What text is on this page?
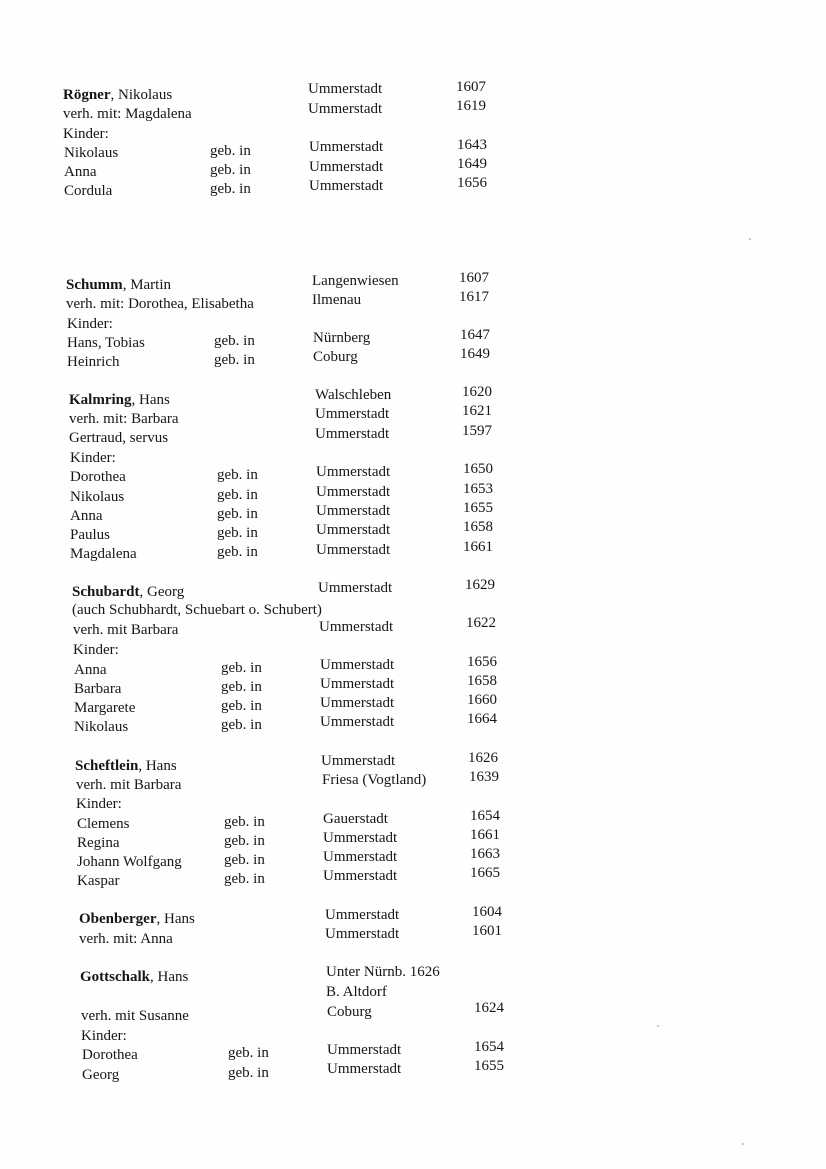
Rögner, Nikolaus	Ummerstadt	1607
verh. mit: Magdalena	Ummerstadt	1619
Kinder:
Nikolaus	geb. in	Ummerstadt	1643
Anna	geb. in	Ummerstadt	1649
Cordula	geb. in	Ummerstadt	1656
Schumm, Martin	Langenwiesen	1607
verh. mit: Dorothea, Elisabetha	Ilmenau	1617
Kinder:
Hans, Tobias	geb. in	Nürnberg	1647
Heinrich	geb. in	Coburg	1649
Kalmring, Hans	Walschleben	1620
verh. mit: Barbara	Ummerstadt	1621
Gertraud, servus	Ummerstadt	1597
Kinder:
Dorothea	geb. in	Ummerstadt	1650
Nikolaus	geb. in	Ummerstadt	1653
Anna	geb. in	Ummerstadt	1655
Paulus	geb. in	Ummerstadt	1658
Magdalena	geb. in	Ummerstadt	1661
Schubardt, Georg	Ummerstadt	1629
(auch Schubhardt, Schuebart o. Schubert)
verh. mit Barbara	Ummerstadt	1622
Kinder:
Anna	geb. in	Ummerstadt	1656
Barbara	geb. in	Ummerstadt	1658
Margarete	geb. in	Ummerstadt	1660
Nikolaus	geb. in	Ummerstadt	1664
Scheftlein, Hans	Ummerstadt	1626
verh. mit Barbara	Friesa (Vogtland)	1639
Kinder:
Clemens	geb. in	Gauerstadt	1654
Regina	geb. in	Ummerstadt	1661
Johann Wolfgang	geb. in	Ummerstadt	1663
Kaspar	geb. in	Ummerstadt	1665
Obenberger, Hans	Ummerstadt	1604
verh. mit: Anna	Ummerstadt	1601
Gottschalk, Hans	Unter Nürnb. 1626
B. Altdorf
verh. mit Susanne	Coburg	1624
Kinder:
Dorothea	geb. in	Ummerstadt	1654
Georg	geb. in	Ummerstadt	1655
